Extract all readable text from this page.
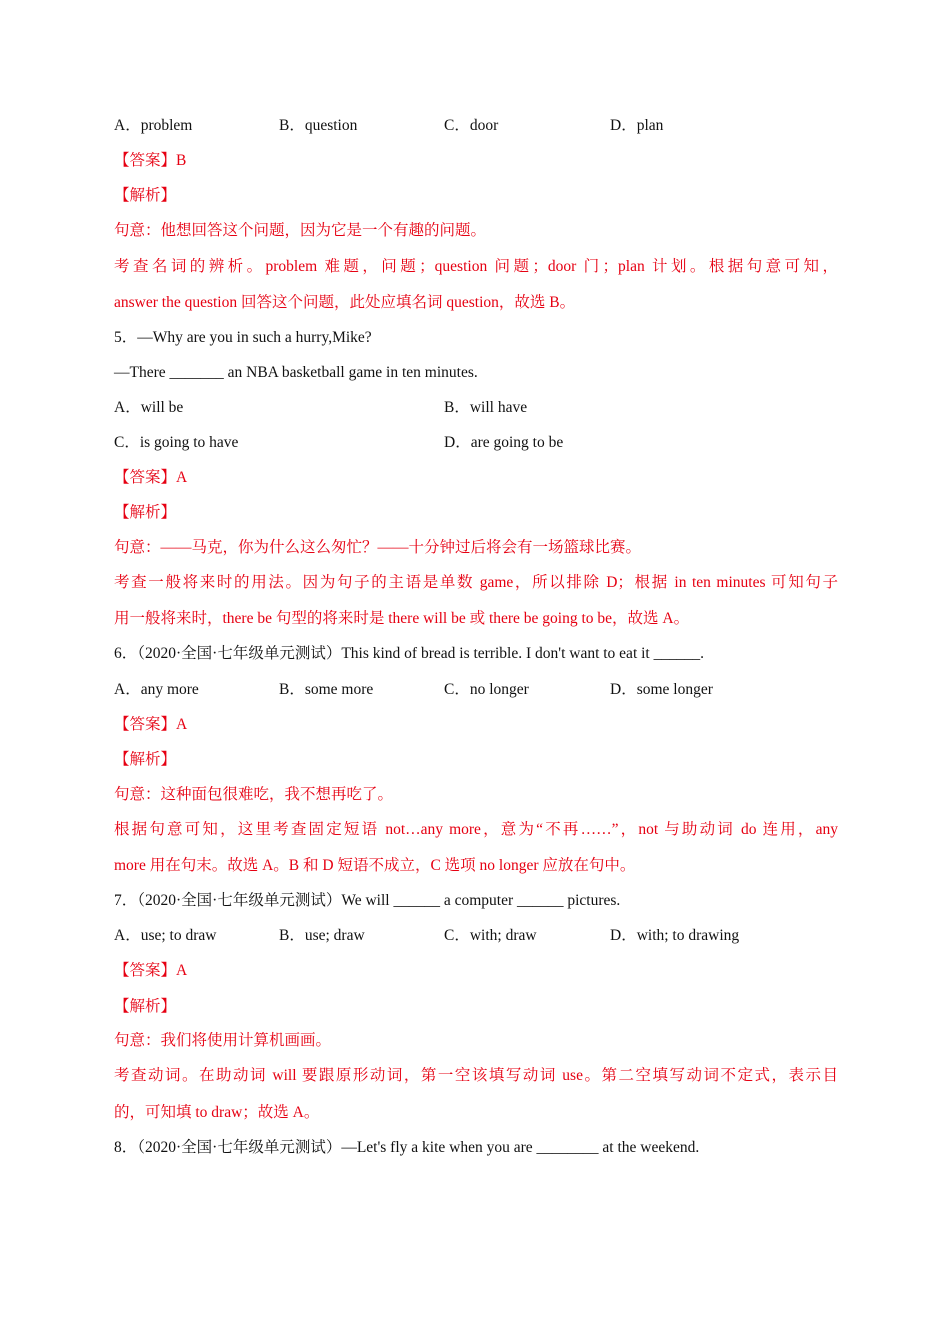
A．problem	B．question	C．door	D．plan
【答案】B
【解析】
句意：他想回答这个问题，因为它是一个有趣的问题。
考查名词的辨析。problem 难题，问题；question 问题；door 门；plan 计划。根据句意可知，
answer the question 回答这个问题，此处应填名词 question，故选 B。
5．—Why are you in such a hurry,Mike?
—There _______ an NBA basketball game in ten minutes.
A．will be	B．will have
C．is going to have	D．are going to be
【答案】A
【解析】
句意：——马克，你为什么这么匆忙？——十分钟过后将会有一场篮球比赛。
考查一般将来时的用法。因为句子的主语是单数 game，所以排除 D；根据 in ten minutes 可知句子
用一般将来时，there be 句型的将来时是 there will be 或 there be going to be，故选 A。
6．（2020·全国·七年级单元测试）This kind of bread is terrible. I don't want to eat it ______.
A．any more	B．some more	C．no longer	D．some longer
【答案】A
【解析】
句意：这种面包很难吃，我不想再吃了。
根据句意可知，这里考查固定短语 not…any more，意为“不再……”，not 与助动词 do 连用，any
more 用在句末。故选 A。B 和 D 短语不成立，C 选项 no longer 应放在句中。
7．（2020·全国·七年级单元测试）We will ______ a computer ______ pictures.
A．use; to draw	B．use; draw	C．with; draw	D．with; to drawing
【答案】A
【解析】
句意：我们将使用计算机画画。
考查动词。在助动词 will 要跟原形动词，第一空该填写动词 use。第二空填写动词不定式，表示目
的，可知填 to draw；故选 A。
8．（2020·全国·七年级单元测试）—Let's fly a kite when you are ________ at the weekend.
